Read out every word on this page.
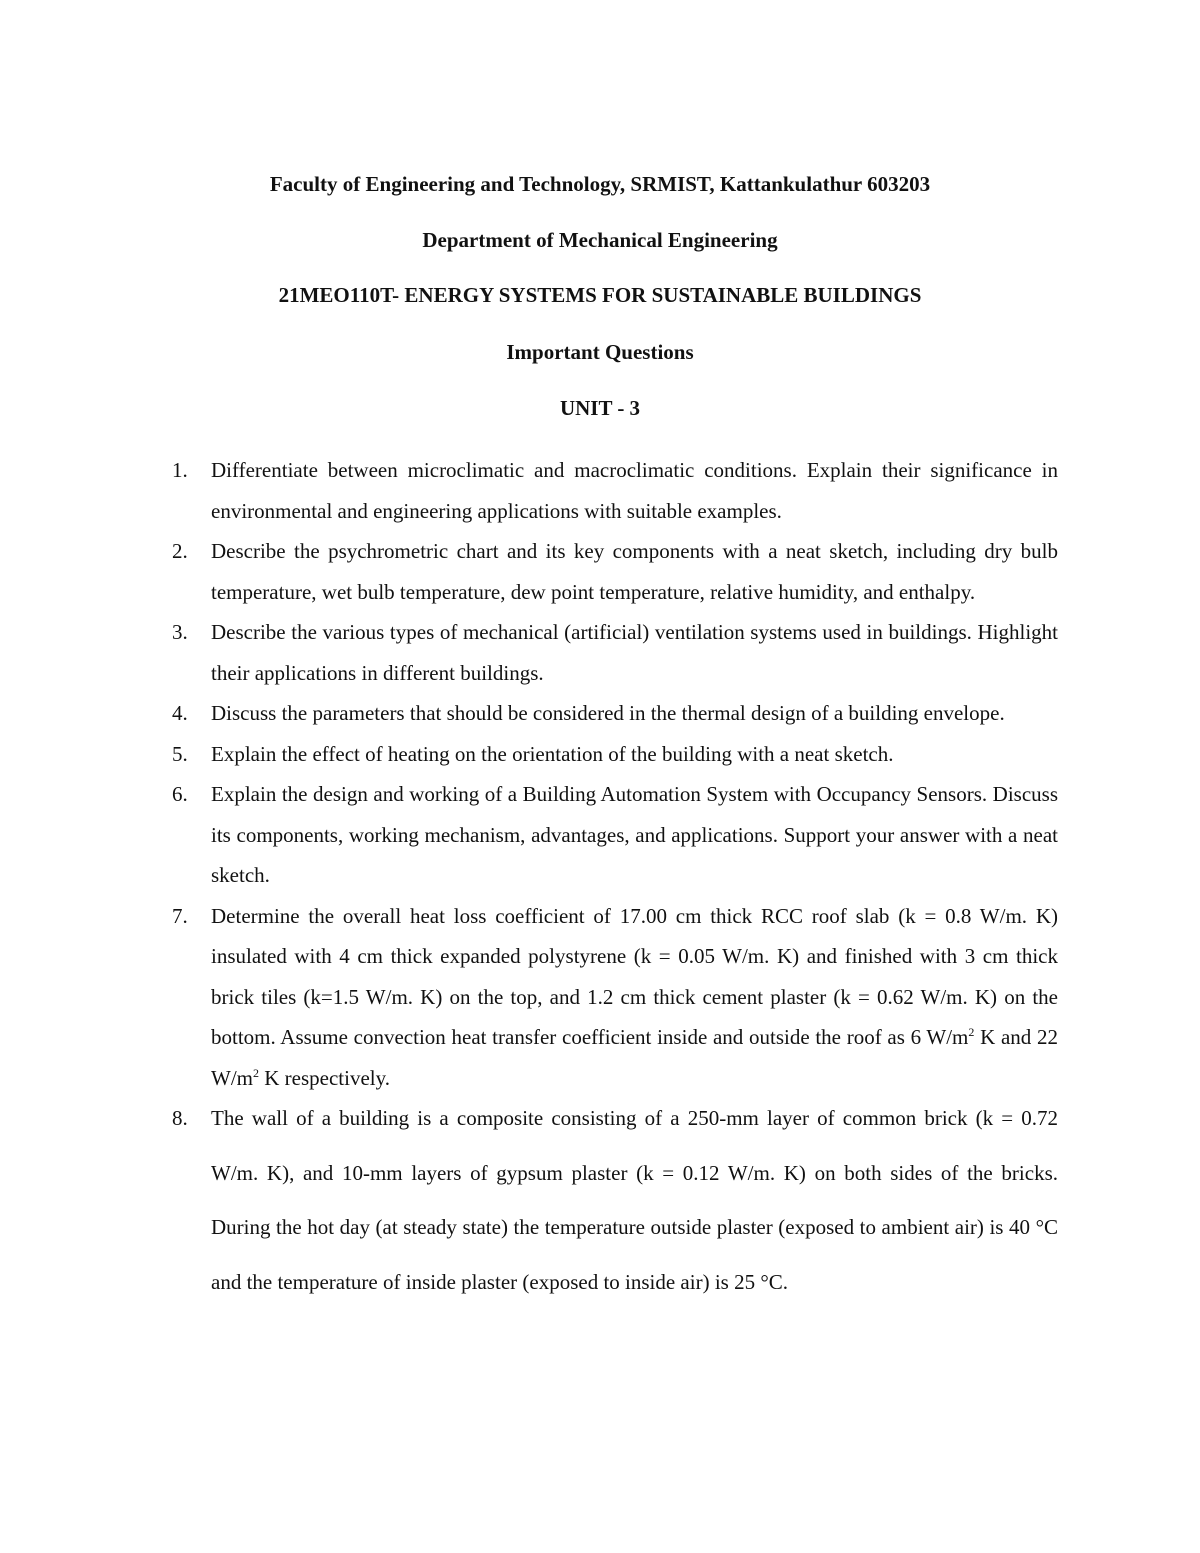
Faculty of Engineering and Technology, SRMIST, Kattankulathur 603203
Department of Mechanical Engineering
21MEO110T- ENERGY SYSTEMS FOR SUSTAINABLE BUILDINGS
Important Questions
UNIT - 3
1.	Differentiate between microclimatic and macroclimatic conditions. Explain their significance in environmental and engineering applications with suitable examples.
2.	Describe the psychrometric chart and its key components with a neat sketch, including dry bulb temperature, wet bulb temperature, dew point temperature, relative humidity, and enthalpy.
3.	Describe the various types of mechanical (artificial) ventilation systems used in buildings. Highlight their applications in different buildings.
4.	Discuss the parameters that should be considered in the thermal design of a building envelope.
5.	Explain the effect of heating on the orientation of the building with a neat sketch.
6.	Explain the design and working of a Building Automation System with Occupancy Sensors. Discuss its components, working mechanism, advantages, and applications. Support your answer with a neat sketch.
7.	Determine the overall heat loss coefficient of 17.00 cm thick RCC roof slab (k = 0.8 W/m. K) insulated with 4 cm thick expanded polystyrene (k = 0.05 W/m. K) and finished with 3 cm thick brick tiles (k=1.5 W/m. K) on the top, and 1.2 cm thick cement plaster (k = 0.62 W/m. K) on the bottom. Assume convection heat transfer coefficient inside and outside the roof as 6 $W/m^2$ K and 22 $W/m^2$ K respectively.
8.	The wall of a building is a composite consisting of a 250-mm layer of common brick (k = 0.72 W/m. K), and 10-mm layers of gypsum plaster (k = 0.12 W/m. K) on both sides of the bricks. During the hot day (at steady state) the temperature outside plaster (exposed to ambient air) is 40 °C and the temperature of inside plaster (exposed to inside air) is 25 °C.
